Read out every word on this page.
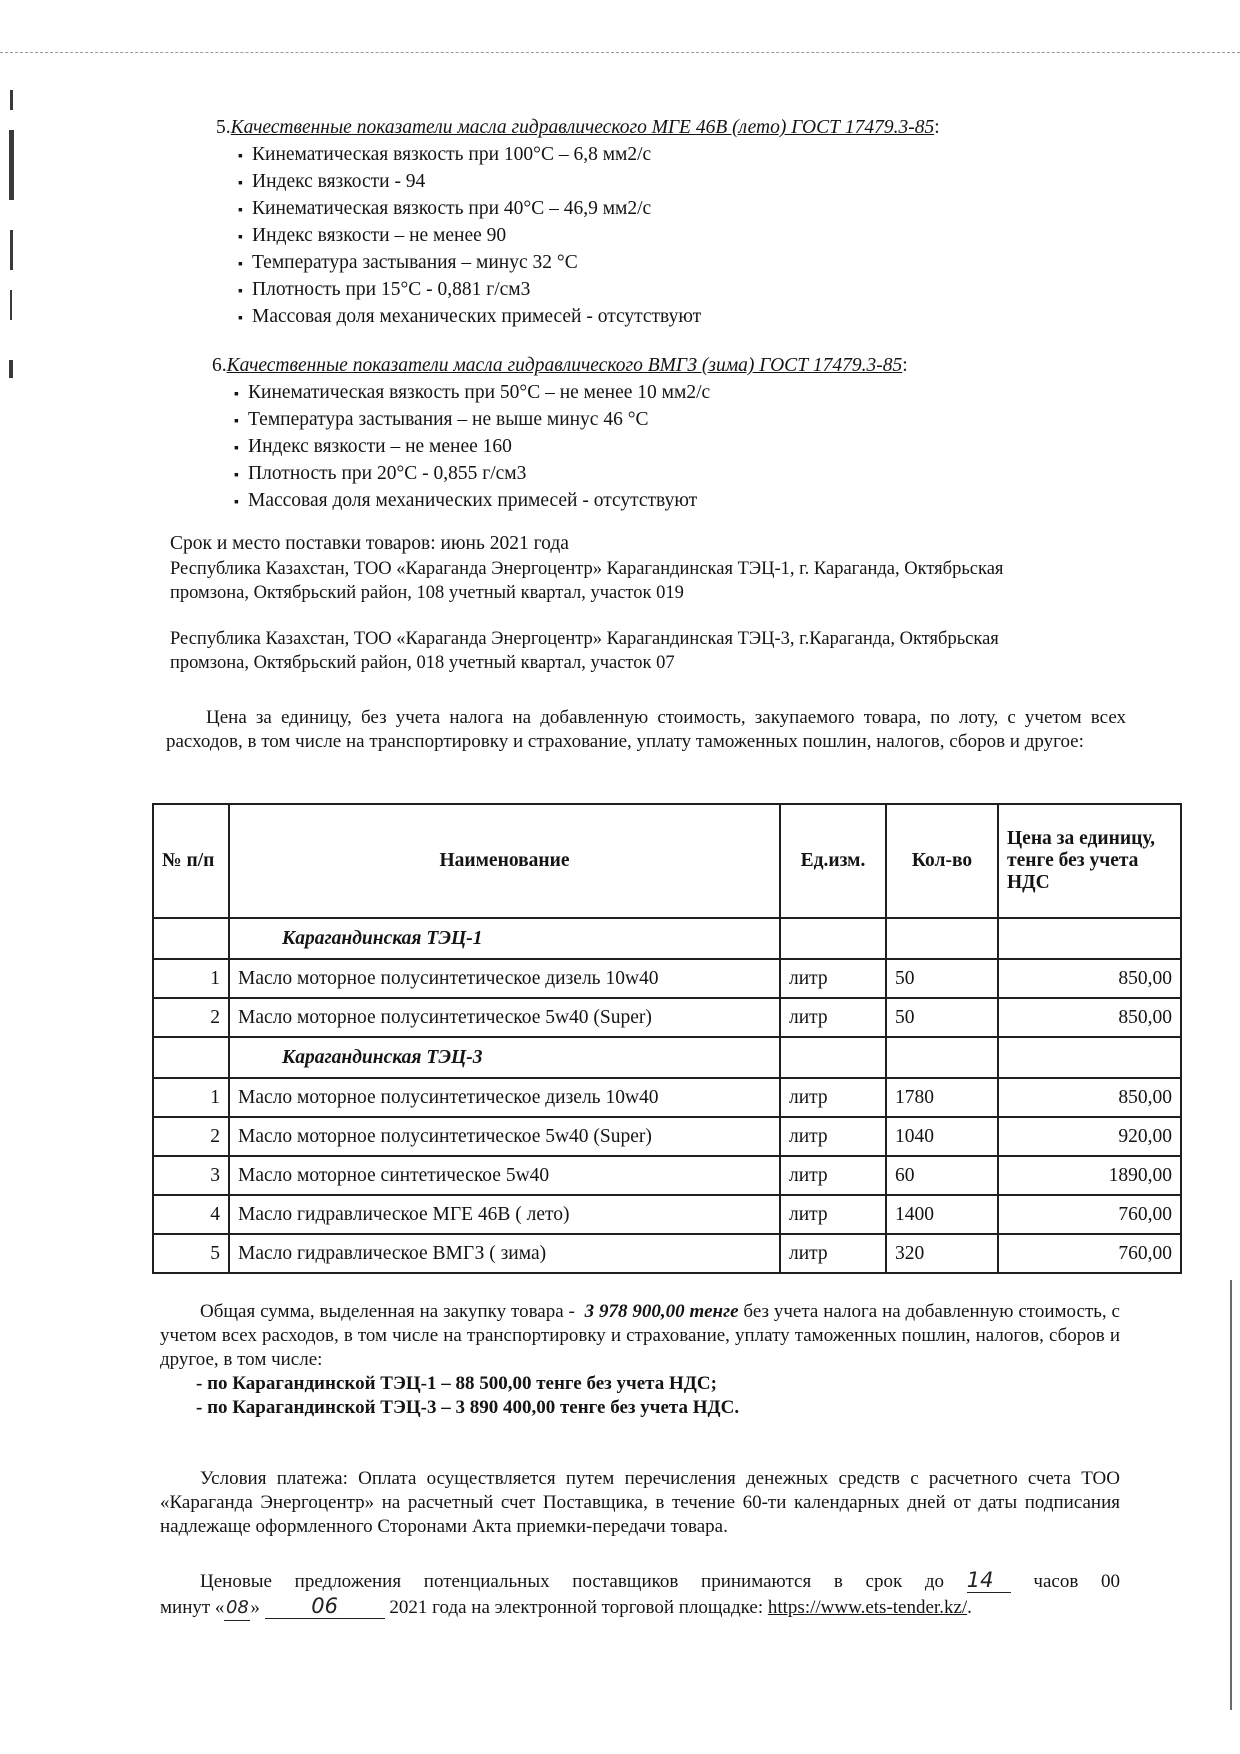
5.Качественные показатели масла гидравлического МГЕ 46В (лето) ГОСТ 17479.3-85:
▪ Кинематическая вязкость при 100°С – 6,8 мм2/с
▪ Индекс вязкости - 94
▪ Кинематическая вязкость при 40°С – 46,9 мм2/с
▪ Индекс вязкости – не менее 90
▪ Температура застывания – минус 32 °С
▪ Плотность при 15°С - 0,881 г/см3
▪ Массовая доля механических примесей - отсутствуют
6.Качественные показатели масла гидравлического ВМГЗ (зима) ГОСТ 17479.3-85:
▪ Кинематическая вязкость при 50°С – не менее 10 мм2/с
▪ Температура застывания – не выше минус 46 °С
▪ Индекс вязкости – не менее 160
▪ Плотность при 20°С - 0,855 г/см3
▪ Массовая доля механических примесей - отсутствуют
Срок и место поставки товаров: июнь 2021 года
Республика Казахстан, ТОО «Караганда Энергоцентр» Карагандинская ТЭЦ-1, г. Караганда, Октябрьская
промзона, Октябрьский район, 108 учетный квартал, участок 019
Республика Казахстан, ТОО «Караганда Энергоцентр» Карагандинская ТЭЦ-3, г.Караганда, Октябрьская
промзона, Октябрьский район, 018 учетный квартал, участок 07
Цена за единицу, без учета налога на добавленную стоимость, закупаемого товара, по лоту, с учетом всех расходов, в том числе на транспортировку и страхование, уплату таможенных пошлин, налогов, сборов и другое:
№ п/п	Наименование	Ед.изм.	Кол-во	Цена за единицу, тенге без учета НДС
	Карагандинская ТЭЦ-1			
1	Масло моторное полусинтетическое дизель 10w40	литр	50	850,00
2	Масло моторное полусинтетическое 5w40 (Super)	литр	50	850,00
	Карагандинская ТЭЦ-3			
1	Масло моторное полусинтетическое дизель 10w40	литр	1780	850,00
2	Масло моторное полусинтетическое 5w40 (Super)	литр	1040	920,00
3	Масло моторное синтетическое 5w40	литр	60	1890,00
4	Масло гидравлическое МГЕ 46В ( лето)	литр	1400	760,00
5	Масло гидравлическое ВМГЗ ( зима)	литр	320	760,00
Общая сумма, выделенная на закупку товара - 3 978 900,00 тенге без учета налога на добавленную стоимость, с учетом всех расходов, в том числе на транспортировку и страхование, уплату таможенных пошлин, налогов, сборов и другое, в том числе:
- по Карагандинской ТЭЦ-1 – 88 500,00 тенге без учета НДС;
- по Карагандинской ТЭЦ-3 – 3 890 400,00 тенге без учета НДС.
Условия платежа: Оплата осуществляется путем перечисления денежных средств с расчетного счета ТОО «Караганда Энергоцентр» на расчетный счет Поставщика, в течение 60-ти календарных дней от даты подписания надлежаще оформленного Сторонами Акта приемки-передачи товара.
Ценовые предложения потенциальных поставщиков принимаются в срок до 14 часов 00
минут «08» 06	2021 года на электронной торговой площадке: https://www.ets-tender.kz/.
